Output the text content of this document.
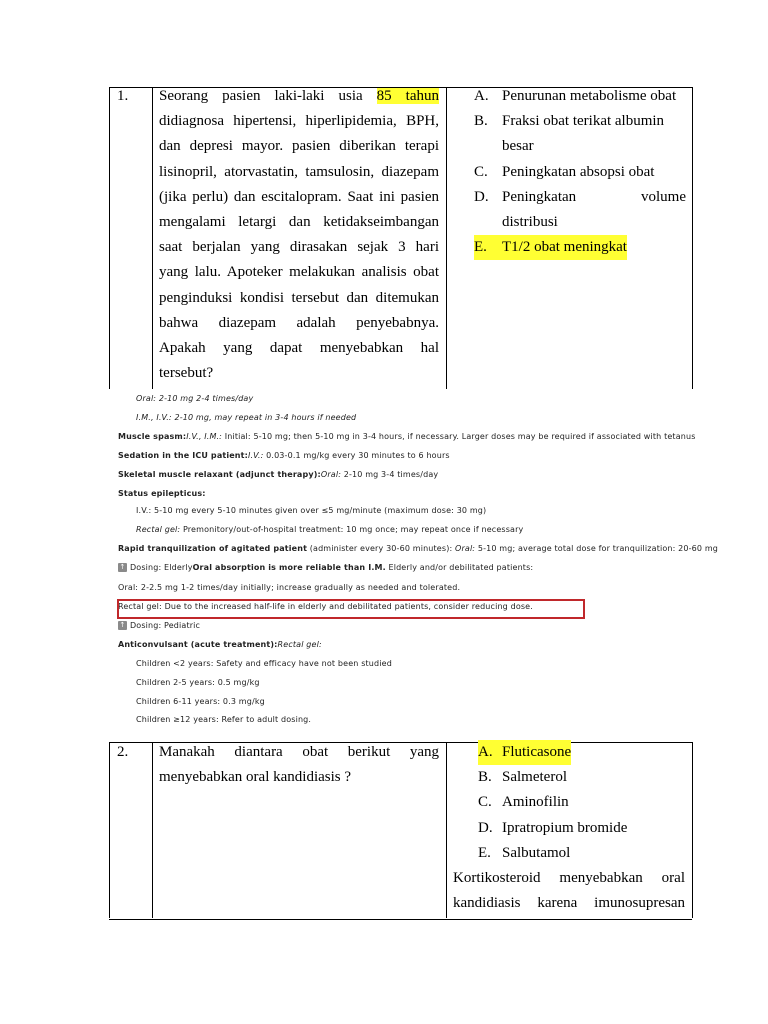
1. Seorang pasien laki-laki usia 85 tahun

didiagnosa hipertensi, hiperlipidemia, BPH,

dan depresi mayor. pasien diberikan terapi

lisinopril, atorvastatin, tamsulosin, diazepam

(jika perlu) dan escitalopram. Saat ini pasien

mengalami letargi dan ketidakseimbangan

saat berjalan yang dirasakan sejak 3 hari

yang lalu. Apoteker melakukan analisis obat

penginduksi kondisi tersebut dan ditemukan

bahwa diazepam adalah penyebabnya.

Apakah yang dapat menyebabkan hal

tersebut?

A. Penurunan metabolisme obat
B. Fraksi obat terikat albumin
besar
C. Peningkatan absopsi obat
D. Peningkatan volume
distribusi
E.	T1/2 obat meningkat
Oral: 2-10 mg 2-4 times/day
I.M., I.V.: 2-10 mg, may repeat in 3-4 hours if needed
Muscle spasm:I.V., I.M.: Initial: 5-10 mg; then 5-10 mg in 3-4 hours, if necessary. Larger doses may be required if associated with tetanus
Sedation in the ICU patient:I.V.: 0.03-0.1 mg/kg every 30 minutes to 6 hours
Skeletal muscle relaxant (adjunct therapy):Oral: 2-10 mg 3-4 times/day
Status epilepticus:
I.V.: 5-10 mg every 5-10 minutes given over ≤5 mg/minute (maximum dose: 30 mg)
Rectal gel: Premonitory/out-of-hospital treatment: 10 mg once; may repeat once if necessary
Rapid tranquilization of agitated patient (administer every 30-60 minutes): Oral: 5-10 mg; average total dose for tranquilization: 20-60 mg
↑ Dosing: ElderlyOral absorption is more reliable than I.M. Elderly and/or debilitated patients:
Oral: 2-2.5 mg 1-2 times/day initially; increase gradually as needed and tolerated.
Rectal gel: Due to the increased half-life in elderly and debilitated patients, consider reducing dose.
↑ Dosing: Pediatric
Anticonvulsant (acute treatment):Rectal gel:
Children <2 years: Safety and efficacy have not been studied
Children 2-5 years: 0.5 mg/kg
Children 6-11 years: 0.3 mg/kg
Children ≥12 years: Refer to adult dosing.
2. Manakah diantara obat berikut yang

menyebabkan oral kandidiasis ?

A. Fluticasone
B. Salmeterol
C. Aminofilin
D. Ipratropium bromide
E. Salbutamol
Kortikosteroid menyebabkan oral
kandidiasis karena imunosupresan
